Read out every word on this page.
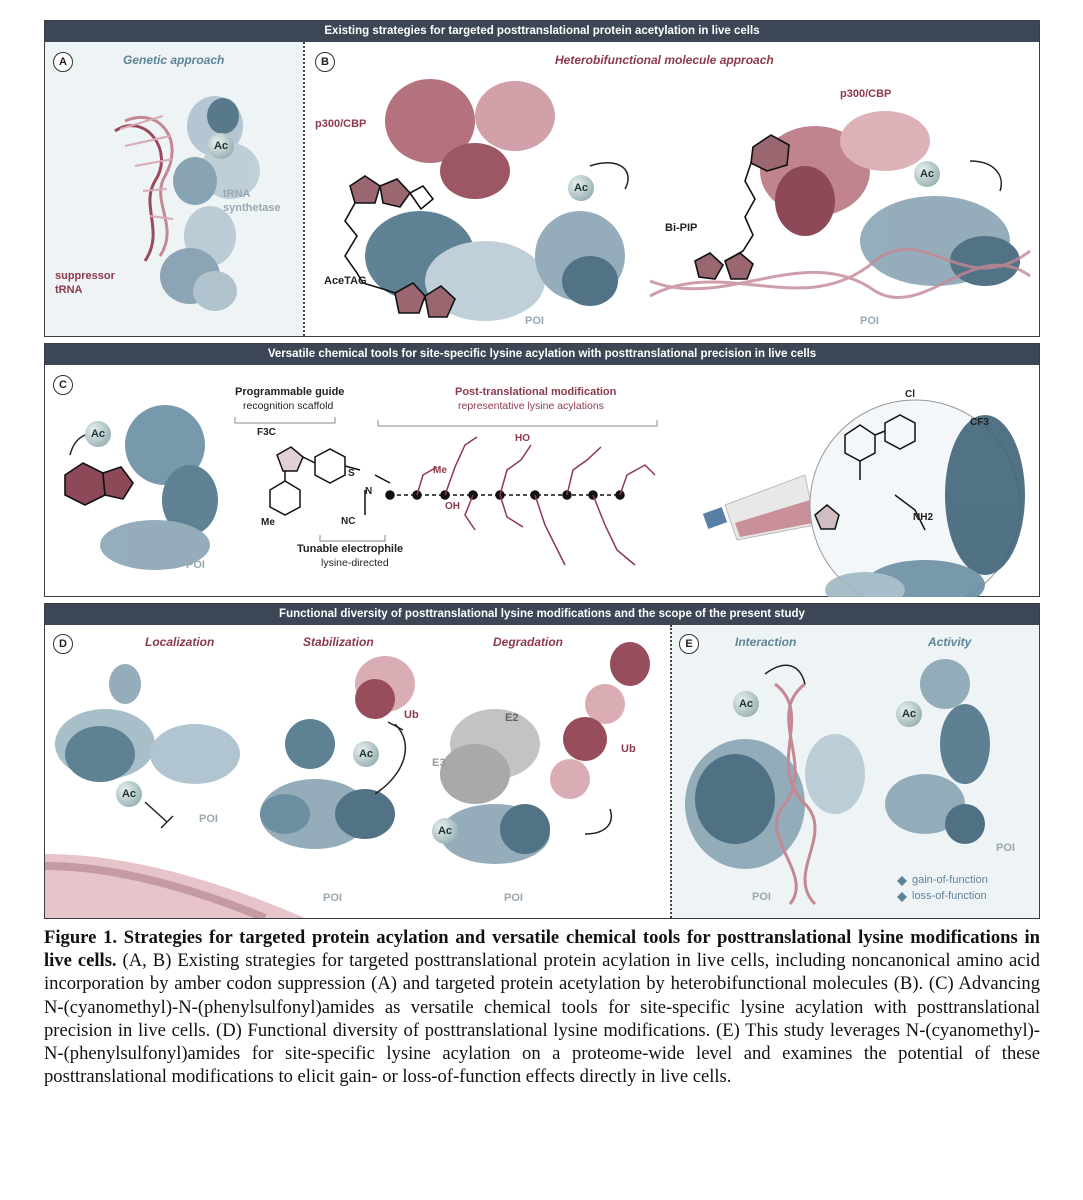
Existing strategies for targeted posttranslational protein acetylation in live cells
A	Genetic approach
Ac
tRNA synthetase
suppressor tRNA
B	Heterobifunctional molecule approach
p300/CBP
p300/CBP
Ac
Ac
AceTAG
Bi-PIP
POI	POI
Versatile chemical tools for site-specific lysine acylation with posttranslational precision in live cells
C
Ac
POI
Programmable guide
recognition scaffold
Post-translational modification
representative lysine acylations
Tunable electrophile
lysine-directed
F3C
Me	NC
N
S
HO
OH
Me
Cl
CF3
NH2
Functional diversity of posttranslational lysine modifications and the scope of the present study
D	Localization	Stabilization	Degradation
Ac
Ac
Ac
Ub
Ub
E2
E3
POI
POI	POI
E	Interaction	Activity
Ac
Ac
POI
POI
gain-of-function
loss-of-function
Figure 1. Strategies for targeted protein acylation and versatile chemical tools for posttranslational lysine modifications in live cells. (A, B) Existing strategies for targeted posttranslational protein acylation in live cells, including noncanonical amino acid incorporation by amber codon suppression (A) and targeted protein acetylation by heterobifunctional molecules (B). (C) Advancing N-(cyanomethyl)-N-(phenylsulfonyl)amides as versatile chemical tools for site-specific lysine acylation with posttranslational precision in live cells. (D) Functional diversity of posttranslational lysine modifications. (E) This study leverages N-(cyanomethyl)-N-(phenylsulfonyl)amides for site-specific lysine acylation on a proteome-wide level and examines the potential of these posttranslational modifications to elicit gain- or loss-of-function effects directly in live cells.
